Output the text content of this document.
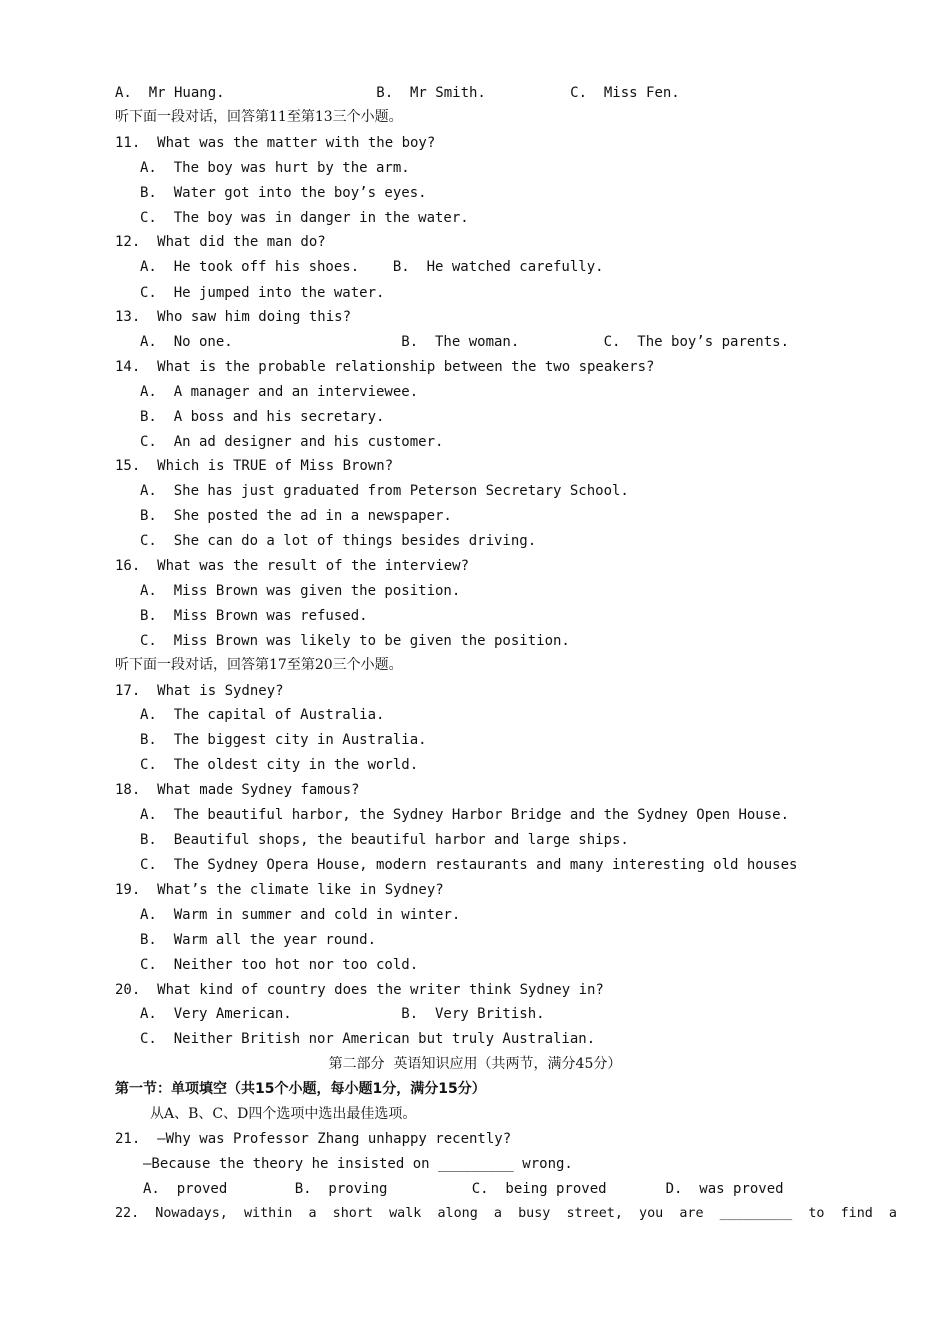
A.  Mr Huang.                  B.  Mr Smith.          C.  Miss Fen.
听下面一段对话，回答第11至第13三个小题。
11.  What was the matter with the boy?
A.  The boy was hurt by the arm.
B.  Water got into the boy’s eyes.
C.  The boy was in danger in the water.
12.  What did the man do?
A.  He took off his shoes.    B.  He watched carefully.
C.  He jumped into the water.
13.  Who saw him doing this?
A.  No one.                    B.  The woman.          C.  The boy’s parents.
14.  What is the probable relationship between the two speakers?
A.  A manager and an interviewee.
B.  A boss and his secretary.
C.  An ad designer and his customer.
15.  Which is TRUE of Miss Brown?
A.  She has just graduated from Peterson Secretary School.
B.  She posted the ad in a newspaper.
C.  She can do a lot of things besides driving.
16.  What was the result of the interview?
A.  Miss Brown was given the position.
B.  Miss Brown was refused.
C.  Miss Brown was likely to be given the position.
听下面一段对话，回答第17至第20三个小题。
17.  What is Sydney?
A.  The capital of Australia.
B.  The biggest city in Australia.
C.  The oldest city in the world.
18.  What made Sydney famous?
A.  The beautiful harbor, the Sydney Harbor Bridge and the Sydney Open House.
B.  Beautiful shops, the beautiful harbor and large ships.
C.  The Sydney Opera House, modern restaurants and many interesting old houses
19.  What’s the climate like in Sydney?
A.  Warm in summer and cold in winter.
B.  Warm all the year round.
C.  Neither too hot nor too cold.
20.  What kind of country does the writer think Sydney in?
A.  Very American.             B.  Very British.
C.  Neither British nor American but truly Australian.
第二部分  英语知识应用（共两节，满分45分）
第一节：单项填空（共15个小题，每小题1分，满分15分）
从A、B、C、D四个选项中选出最佳选项。
21.  —Why was Professor Zhang unhappy recently?
—Because the theory he insisted on _________ wrong.
A.  proved        B.  proving          C.  being proved       D.  was proved
22.  Nowadays,  within  a  short  walk  along  a  busy  street,  you  are  _________  to  find  a
